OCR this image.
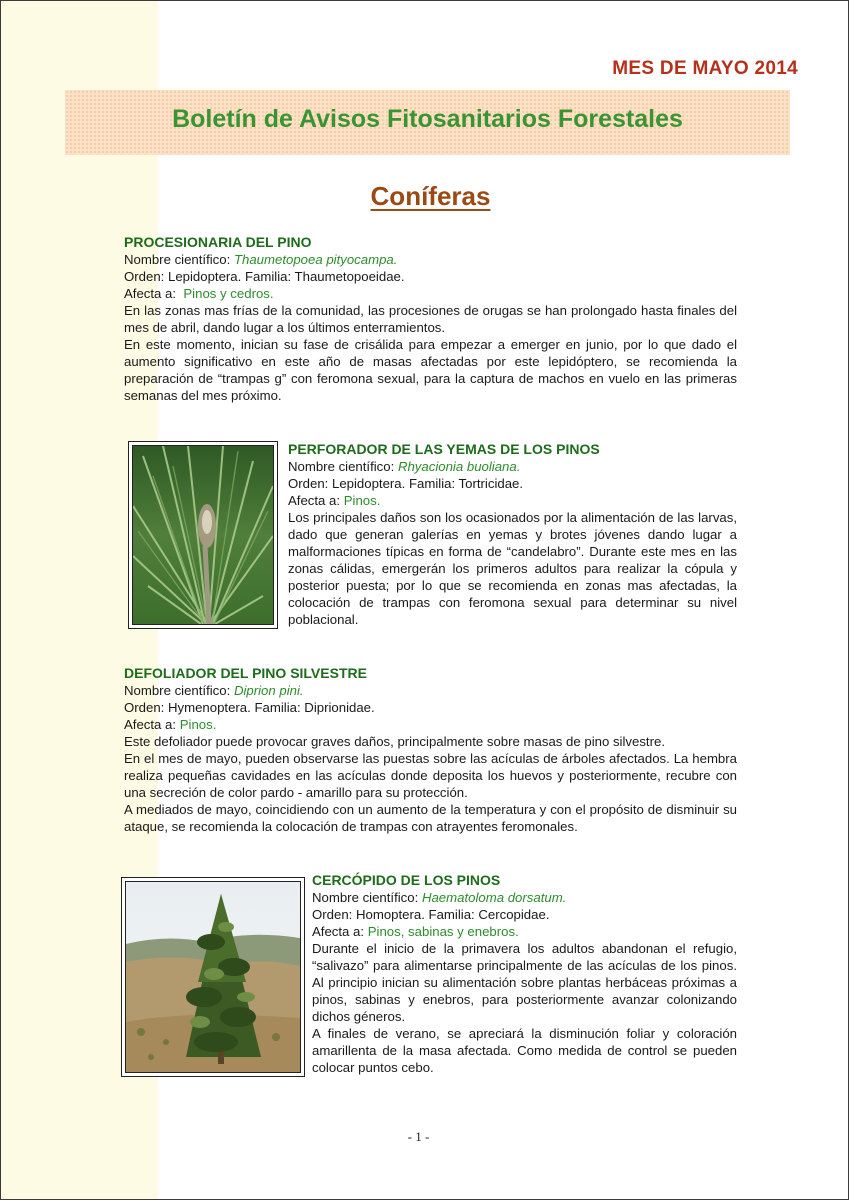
MES DE MAYO 2014
Boletín de Avisos Fitosanitarios Forestales
Coníferas

PROCESIONARIA DEL PINO

Nombre científico: Thaumetopoea pityocampa.

Orden: Lepidoptera. Familia: Thaumetopoeidae.

Afecta a: Pinos y cedros.

En las zonas mas frías de la comunidad, las procesiones de orugas se han prolongado hasta finales del mes de abril, dando lugar a los últimos enterramientos.

En este momento, inician su fase de crisálida para empezar a emerger en junio, por lo que dado el aumento significativo en este año de masas afectadas por este lepidóptero, se recomienda la preparación de “trampas g” con feromona sexual, para la captura de machos en vuelo en las primeras semanas del mes próximo.

PERFORADOR DE LAS YEMAS DE LOS PINOS

Nombre científico: Rhyacionia buoliana.

Orden: Lepidoptera. Familia: Tortricidae.

Afecta a: Pinos.

Los principales daños son los ocasionados por la alimentación de las larvas, dado que generan galerías en yemas y brotes jóvenes dando lugar a malformaciones típicas en forma de “candelabro”. Durante este mes en las zonas cálidas, emergerán los primeros adultos para realizar la cópula y posterior puesta; por lo que se recomienda en zonas mas afectadas, la colocación de trampas con feromona sexual para determinar su nivel poblacional.

DEFOLIADOR DEL PINO SILVESTRE

Nombre científico: Diprion pini.

Orden: Hymenoptera. Familia: Diprionidae.

Afecta a: Pinos.

Este defoliador puede provocar graves daños, principalmente sobre masas de pino silvestre.

En el mes de mayo, pueden observarse las puestas sobre las acículas de árboles afectados. La hembra realiza pequeñas cavidades en las acículas donde deposita los huevos y posteriormente, recubre con una secreción de color pardo - amarillo para su protección.

A mediados de mayo, coincidiendo con un aumento de la temperatura y con el propósito de disminuir su ataque, se recomienda la colocación de trampas con atrayentes feromonales.

CERCÓPIDO DE LOS PINOS

Nombre científico: Haematoloma dorsatum.

Orden: Homoptera. Familia: Cercopidae.

Afecta a: Pinos, sabinas y enebros.

Durante el inicio de la primavera los adultos abandonan el refugio, “salivazo” para alimentarse principalmente de las acículas de los pinos. Al principio inician su alimentación sobre plantas herbáceas próximas a pinos, sabinas y enebros, para posteriormente avanzar colonizando dichos géneros.

A finales de verano, se apreciará la disminución foliar y coloración amarillenta de la masa afectada. Como medida de control se pueden colocar puntos cebo.

- 1 -
